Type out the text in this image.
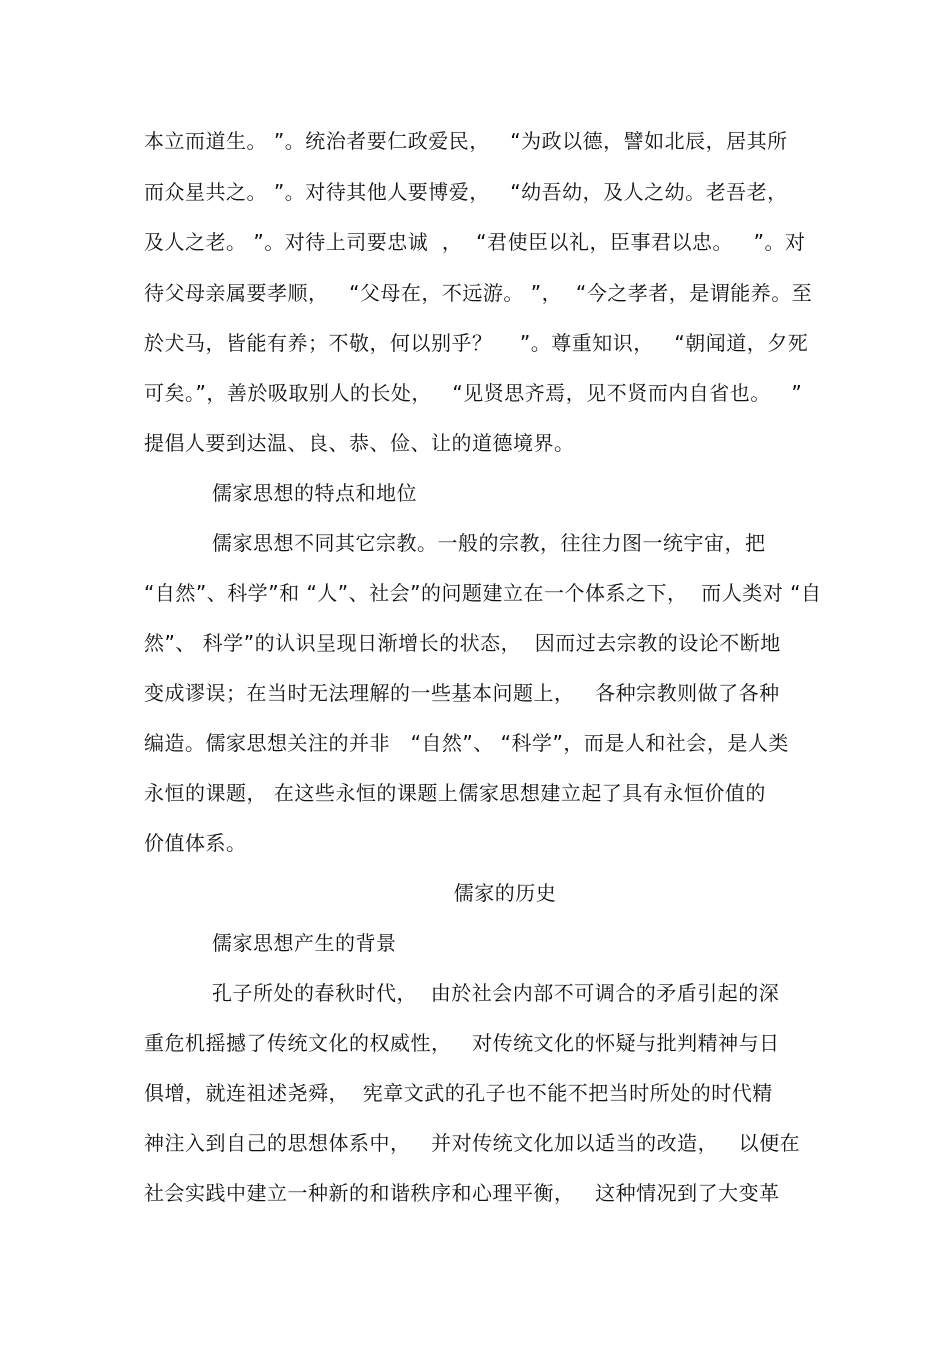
本立而道生。 ”。统治者要仁政爱民，   “为政以德，譬如北辰，居其所
而众星共之。 ”。对待其他人要博爱，   “幼吾幼，及人之幼。老吾老，
及人之老。 ”。对待上司要忠诚  ，  “君使臣以礼，臣事君以忠。   ”。对
待父母亲属要孝顺，   “父母在，不远游。 ”，  “今之孝者，是谓能养。至
於犬马，皆能有养；不敬，何以别乎？    ”。尊重知识，   “朝闻道，夕死
可矣。”，善於吸取别人的长处，   “见贤思齐焉，见不贤而内自省也。   ”
提倡人要到达温、良、恭、俭、让的道德境界。
儒家思想的特点和地位
儒家思想不同其它宗教。一般的宗教，往往力图一统宇宙，把
“自然”、科学”和 “人”、社会”的问题建立在一个体系之下，  而人类对 “自
然”、 科学”的认识呈现日渐增长的状态，  因而过去宗教的设论不断地
变成谬误；在当时无法理解的一些基本问题上，   各种宗教则做了各种
编造。儒家思想关注的并非   “自然”、 “科学”，而是人和社会，是人类
永恒的课题， 在这些永恒的课题上儒家思想建立起了具有永恒价值的
价值体系。
儒家的历史
儒家思想产生的背景
孔子所处的春秋时代，  由於社会内部不可调合的矛盾引起的深
重危机摇撼了传统文化的权威性，   对传统文化的怀疑与批判精神与日
俱增，就连祖述尧舜，  宪章文武的孔子也不能不把当时所处的时代精
神注入到自己的思想体系中，   并对传统文化加以适当的改造，   以便在
社会实践中建立一种新的和谐秩序和心理平衡，   这种情况到了大变革
